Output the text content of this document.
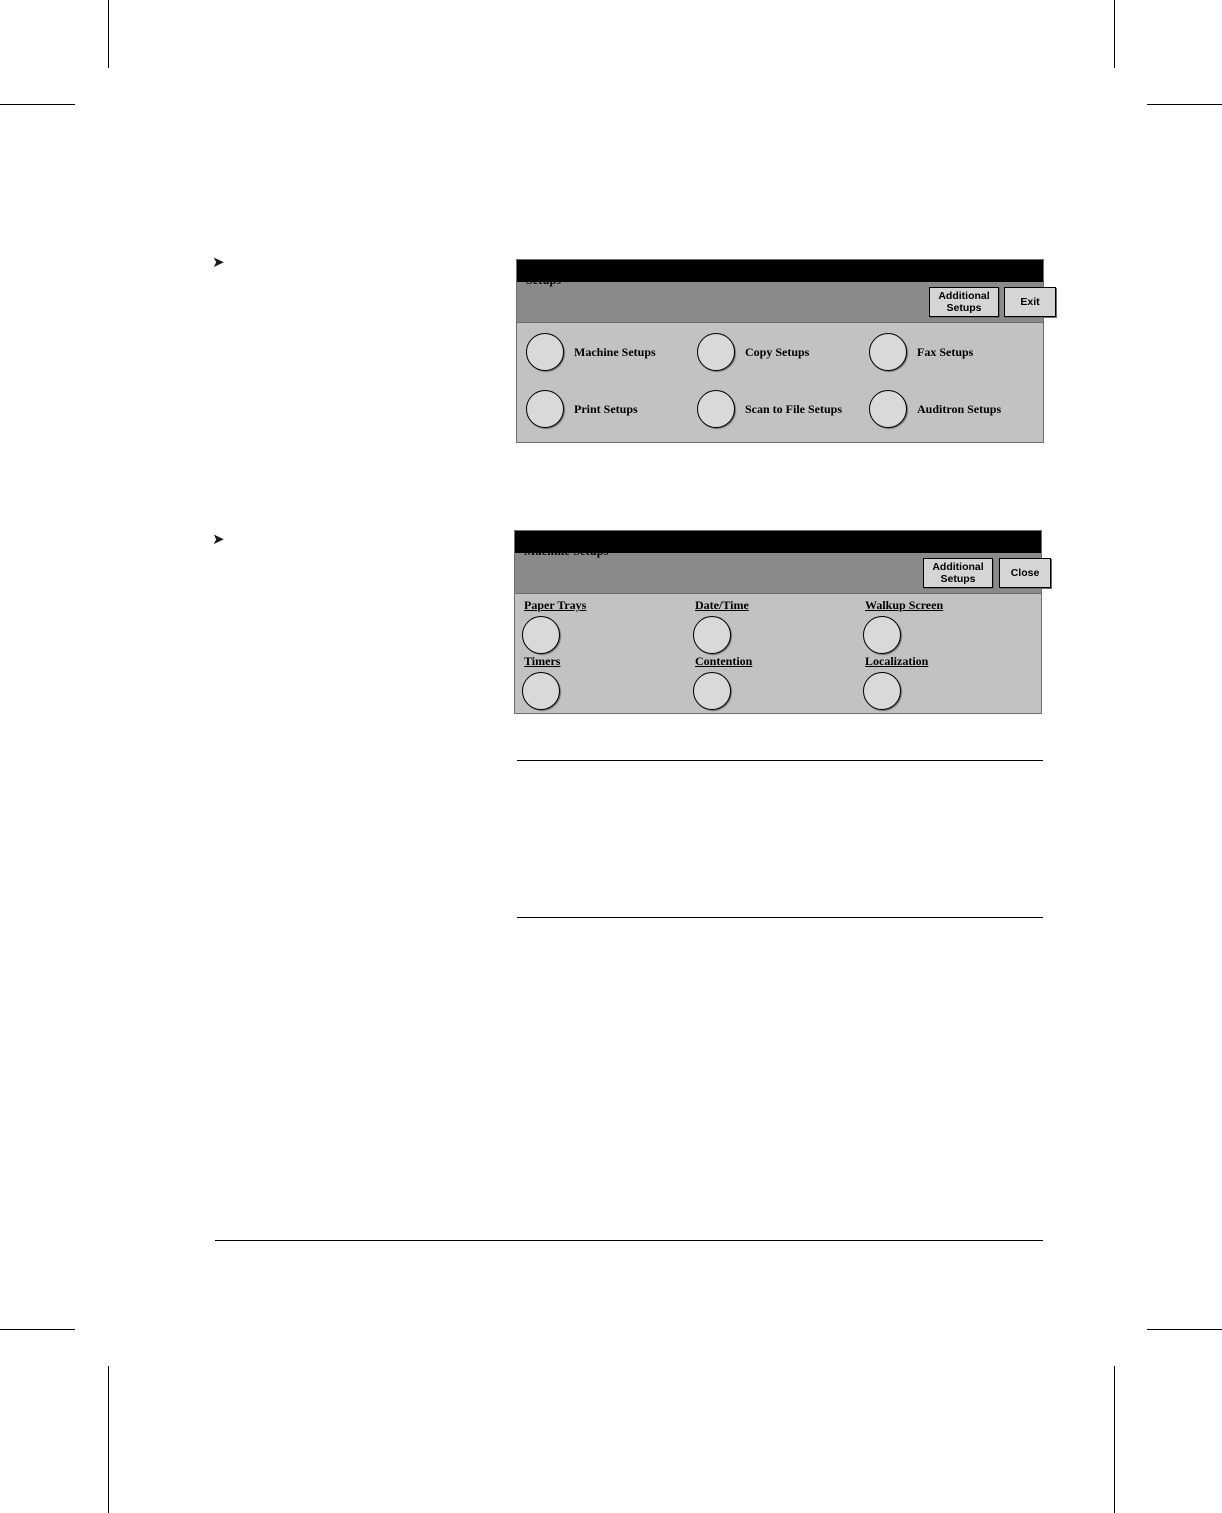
➤
➤
Setups
Additional
Setups
Exit
Machine Setups	Copy Setups	Fax Setups
Print Setups	Scan to File Setups	Auditron Setups
Machine Setups
Additional
Setups
Close
Paper Trays	Date/Time	Walkup Screen
Timers	Contention	Localization
